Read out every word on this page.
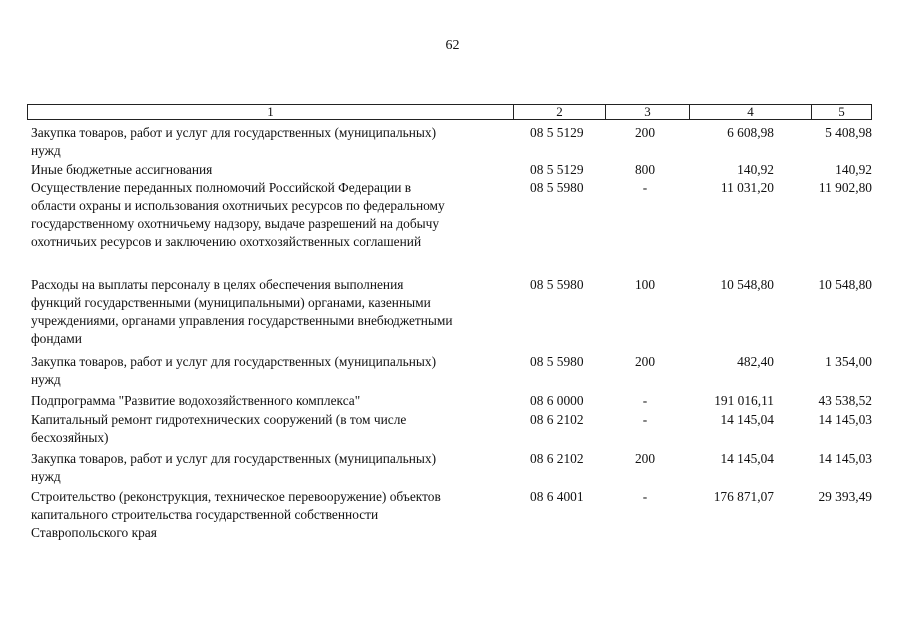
62
1	2	3	4	5
Закупка товаров, работ и услуг для государственных (муниципальных)
нужд
08 5 5129	200	6 608,98	5 408,98
Иные бюджетные ассигнования	08 5 5129	800	140,92	140,92
Осуществление переданных полномочий Российской Федерации в
области охраны и использования охотничьих ресурсов по федеральному
государственному охотничьему надзору, выдаче разрешений на добычу
охотничьих ресурсов и заключению охотхозяйственных соглашений
08 5 5980	-	11 031,20	11 902,80
Расходы на выплаты персоналу в целях обеспечения выполнения
функций государственными (муниципальными) органами, казенными
учреждениями, органами управления государственными внебюджетными
фондами
08 5 5980	100	10 548,80	10 548,80
Закупка товаров, работ и услуг для государственных (муниципальных)
нужд
08 5 5980	200	482,40	1 354,00
Подпрограмма "Развитие водохозяйственного комплекса"	08 6 0000	-	191 016,11	43 538,52
Капитальный ремонт гидротехнических сооружений (в том числе
бесхозяйных)
08 6 2102	-	14 145,04	14 145,03
Закупка товаров, работ и услуг для государственных (муниципальных)
нужд
08 6 2102	200	14 145,04	14 145,03
Строительство (реконструкция, техническое перевооружение) объектов
капитального строительства государственной собственности
Ставропольского края
08 6 4001	-	176 871,07	29 393,49
